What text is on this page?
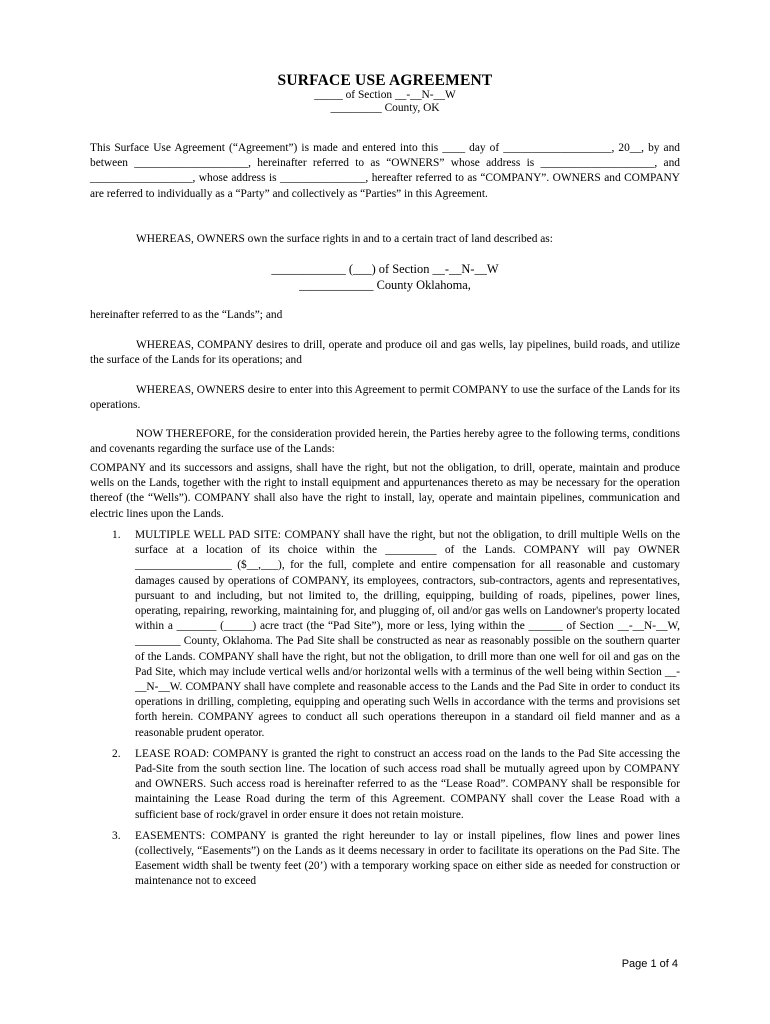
SURFACE USE AGREEMENT
_____ of Section __-__N-__W
_________ County, OK

This Surface Use Agreement (“Agreement”) is made and entered into this ____ day of ___________________, 20__, by and between ____________________, hereinafter referred to as “OWNERS” whose address is ____________________, and __________________, whose address is _______________, hereafter referred to as “COMPANY”. OWNERS and COMPANY are referred to individually as a “Party” and collectively as “Parties” in this Agreement.

WHEREAS, OWNERS own the surface rights in and to a certain tract of land described as:

____________ (___) of Section __-__N-__W
____________ County Oklahoma,

hereinafter referred to as the “Lands”; and

WHEREAS, COMPANY desires to drill, operate and produce oil and gas wells, lay pipelines, build roads, and utilize the surface of the Lands for its operations; and

WHEREAS, OWNERS desire to enter into this Agreement to permit COMPANY to use the surface of the Lands for its operations.

NOW THEREFORE, for the consideration provided herein, the Parties hereby agree to the following terms, conditions and covenants regarding the surface use of the Lands:

COMPANY and its successors and assigns, shall have the right, but not the obligation, to drill, operate, maintain and produce wells on the Lands, together with the right to install equipment and appurtenances thereto as may be necessary for the operation thereof (the “Wells”). COMPANY shall also have the right to install, lay, operate and maintain pipelines, communication and electric lines upon the Lands.

1. MULTIPLE WELL PAD SITE: COMPANY shall have the right, but not the obligation, to drill multiple Wells on the surface at a location of its choice within the _________ of the Lands. COMPANY will pay OWNER _________________ ($__,___), for the full, complete and entire compensation for all reasonable and customary damages caused by operations of COMPANY, its employees, contractors, sub-contractors, agents and representatives, pursuant to and including, but not limited to, the drilling, equipping, building of roads, pipelines, power lines, operating, repairing, reworking, maintaining for, and plugging of, oil and/or gas wells on Landowner's property located within a _______ (_____) acre tract (the “Pad Site”), more or less, lying within the ______ of Section __-__N-__W, ________ County, Oklahoma. The Pad Site shall be constructed as near as reasonably possible on the southern quarter of the Lands. COMPANY shall have the right, but not the obligation, to drill more than one well for oil and gas on the Pad Site, which may include vertical wells and/or horizontal wells with a terminus of the well being within Section __-__N-__W. COMPANY shall have complete and reasonable access to the Lands and the Pad Site in order to conduct its operations in drilling, completing, equipping and operating such Wells in accordance with the terms and provisions set forth herein. COMPANY agrees to conduct all such operations thereupon in a standard oil field manner and as a reasonable prudent operator.
2. LEASE ROAD: COMPANY is granted the right to construct an access road on the lands to the Pad Site accessing the Pad-Site from the south section line. The location of such access road shall be mutually agreed upon by COMPANY and OWNERS. Such access road is hereinafter referred to as the “Lease Road”. COMPANY shall be responsible for maintaining the Lease Road during the term of this Agreement. COMPANY shall cover the Lease Road with a sufficient base of rock/gravel in order ensure it does not retain moisture.
3. EASEMENTS: COMPANY is granted the right hereunder to lay or install pipelines, flow lines and power lines (collectively, “Easements”) on the Lands as it deems necessary in order to facilitate its operations on the Pad Site. The Easement width shall be twenty feet (20’) with a temporary working space on either side as needed for construction or maintenance not to exceed
Page 1 of 4
